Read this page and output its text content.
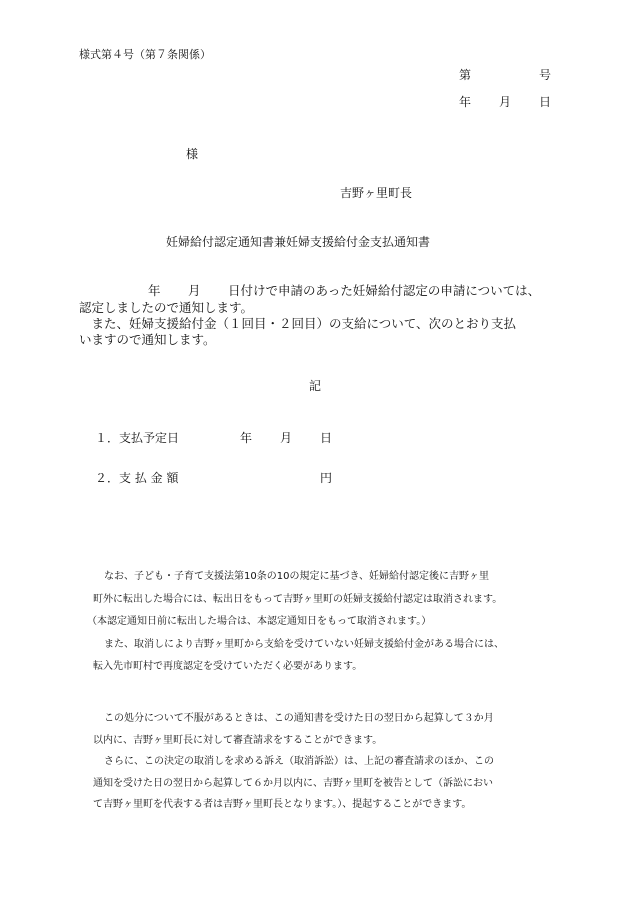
様式第４号（第７条関係）
第	号
年 月 日
様
吉野ヶ里町長
妊婦給付認定通知書兼妊婦支援給付金支払通知書
年 月 日付けで申請のあった妊婦給付認定の申請については、
認定しましたので通知します。
　また、妊婦支援給付金（１回目・２回目）の支給について、次のとおり支払
いますので通知します。
記
１．支払予定日	年 月 日
２．支 払 金 額	円
なお、子ども・子育て支援法第10条の10の規定に基づき、妊婦給付認定後に吉野ヶ里
町外に転出した場合には、転出日をもって吉野ヶ里町の妊婦支援給付認定は取消されます。
（本認定通知日前に転出した場合は、本認定通知日をもって取消されます。）
また、取消しにより吉野ヶ里町から支給を受けていない妊婦支援給付金がある場合には、
転入先市町村で再度認定を受けていただく必要があります。
この処分について不服があるときは、この通知書を受けた日の翌日から起算して３か月
以内に、吉野ヶ里町長に対して審査請求をすることができます。
さらに、この決定の取消しを求める訴え（取消訴訟）は、上記の審査請求のほか、この
通知を受けた日の翌日から起算して６か月以内に、吉野ヶ里町を被告として（訴訟におい
て吉野ヶ里町を代表する者は吉野ヶ里町長となります。）、提起することができます。
